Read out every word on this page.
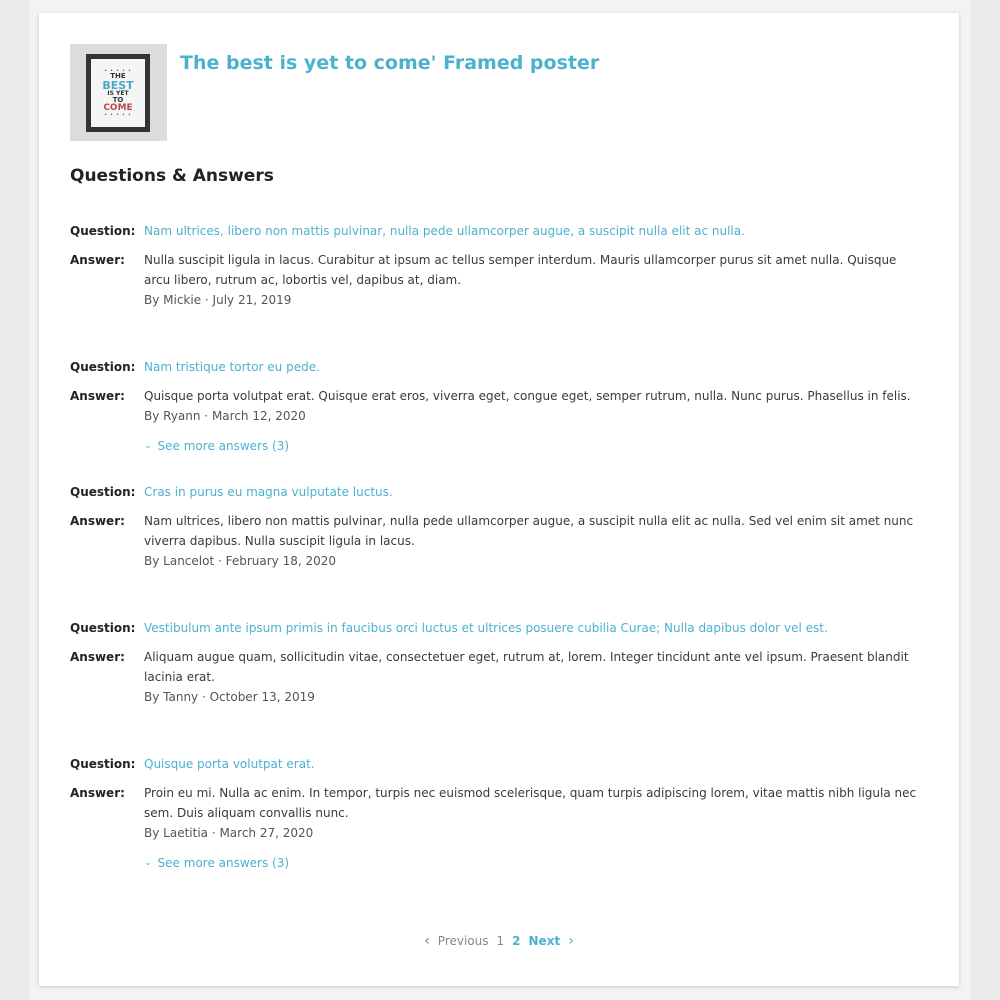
• • • • •
THE
BEST
IS YET
TO
COME
• • • • •
The best is yet to come' Framed poster
Questions & Answers
Question: Nam ultrices, libero non mattis pulvinar, nulla pede ullamcorper augue, a suscipit nulla elit ac nulla.
Answer:	Nulla suscipit ligula in lacus. Curabitur at ipsum ac tellus semper interdum. Mauris ullamcorper purus sit amet nulla. Quisque arcu libero, rutrum ac, lobortis vel, dapibus at, diam.
By Mickie · July 21, 2019
Question: Nam tristique tortor eu pede.
Answer:	Quisque porta volutpat erat. Quisque erat eros, viverra eget, congue eget, semper rutrum, nulla. Nunc purus. Phasellus in felis.
By Ryann · March 12, 2020
⌄ See more answers (3)
Question: Cras in purus eu magna vulputate luctus.
Answer:	Nam ultrices, libero non mattis pulvinar, nulla pede ullamcorper augue, a suscipit nulla elit ac nulla. Sed vel enim sit amet nunc viverra dapibus. Nulla suscipit ligula in lacus.
By Lancelot · February 18, 2020
Question: Vestibulum ante ipsum primis in faucibus orci luctus et ultrices posuere cubilia Curae; Nulla dapibus dolor vel est.
Answer:	Aliquam augue quam, sollicitudin vitae, consectetuer eget, rutrum at, lorem. Integer tincidunt ante vel ipsum. Praesent blandit lacinia erat.
By Tanny · October 13, 2019
Question: Quisque porta volutpat erat.
Answer:	Proin eu mi. Nulla ac enim. In tempor, turpis nec euismod scelerisque, quam turpis adipiscing lorem, vitae mattis nibh ligula nec sem. Duis aliquam convallis nunc.
By Laetitia · March 27, 2020
⌄ See more answers (3)
‹ Previous 1 2 Next ›
